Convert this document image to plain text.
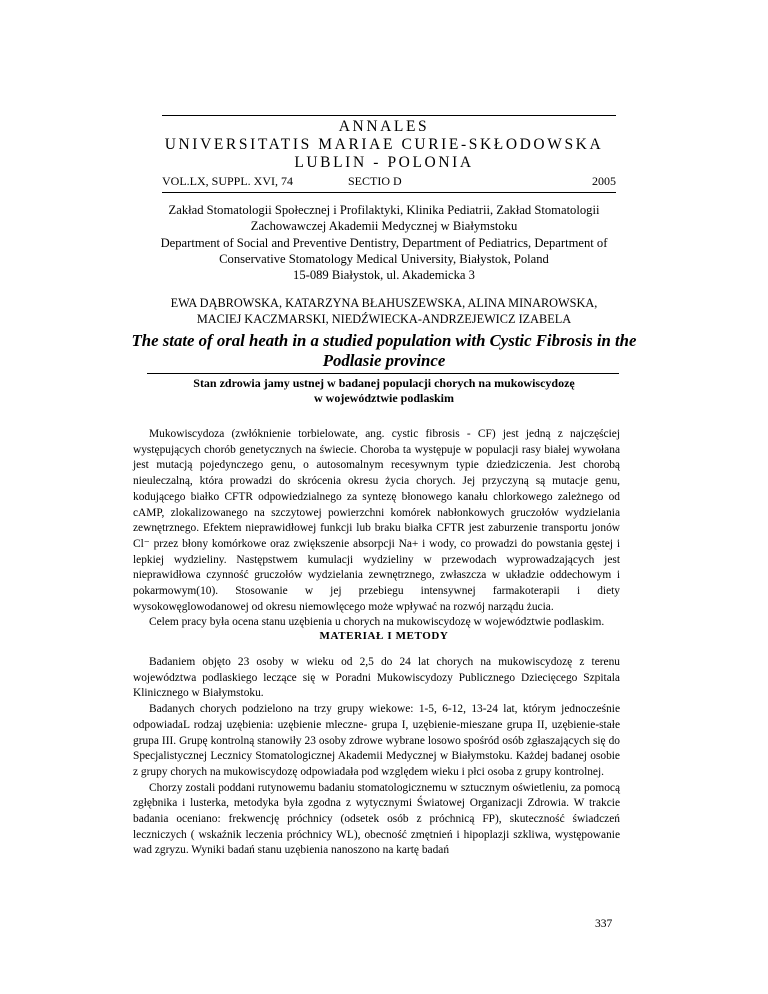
ANNALES
UNIVERSITATIS MARIAE CURIE-SKŁODOWSKA
LUBLIN - POLONIA
VOL.LX, SUPPL. XVI, 74	SECTIO D	2005
Zakład Stomatologii Społecznej i Profilaktyki, Klinika Pediatrii, Zakład Stomatologii
Zachowawczej Akademii Medycznej w Białymstoku
Department of Social and Preventive Dentistry, Department of Pediatrics, Department of
Conservative Stomatology Medical University, Białystok, Poland
15-089 Białystok, ul. Akademicka 3
EWA DĄBROWSKA, KATARZYNA BŁAHUSZEWSKA, ALINA MINAROWSKA,
MACIEJ KACZMARSKI, NIEDŹWIECKA-ANDRZEJEWICZ IZABELA
The state of oral heath in a studied population with Cystic Fibrosis in the
Podlasie province
Stan zdrowia jamy ustnej w badanej populacji chorych na mukowiscydozę
w województwie podlaskim

Mukowiscydoza (zwłóknienie torbielowate, ang. cystic fibrosis - CF) jest jedną z najczęściej występujących chorób genetycznych na świecie. Choroba ta występuje w populacji rasy białej wywołana jest mutacją pojedynczego genu, o autosomalnym recesywnym typie dziedziczenia. Jest chorobą nieuleczalną, która prowadzi do skrócenia okresu życia chorych. Jej przyczyną są mutacje genu, kodującego białko CFTR odpowiedzialnego za syntezę błonowego kanału chlorkowego zależnego od cAMP, zlokalizowanego na szczytowej powierzchni komórek nabłonkowych gruczołów wydzielania zewnętrznego. Efektem nieprawidłowej funkcji lub braku białka CFTR jest zaburzenie transportu jonów Cl⁻ przez błony komórkowe oraz zwiększenie absorpcji Na+ i wody, co prowadzi do powstania gęstej i lepkiej wydzieliny. Następstwem kumulacji wydzieliny w przewodach wyprowadzających jest nieprawidłowa czynność gruczołów wydzielania zewnętrznego, zwłaszcza w układzie oddechowym i pokarmowym(10). Stosowanie w jej przebiegu intensywnej farmakoterapii i diety wysokowęglowodanowej od okresu niemowlęcego może wpływać na rozwój narządu żucia.

Celem pracy była ocena stanu uzębienia u chorych na mukowiscydozę w województwie podlaskim.

MATERIAŁ I METODY

Badaniem objęto 23 osoby w wieku od 2,5 do 24 lat chorych na mukowiscydozę z terenu województwa podlaskiego leczące się w Poradni Mukowiscydozy Publicznego Dziecięcego Szpitala Klinicznego w Białymstoku.

Badanych chorych podzielono na trzy grupy wiekowe: 1-5, 6-12, 13-24 lat, którym jednocześnie odpowiadaL rodzaj uzębienia: uzębienie mleczne- grupa I, uzębienie-mieszane grupa II, uzębienie-stałe grupa III. Grupę kontrolną stanowiły 23 osoby zdrowe wybrane losowo spośród osób zgłaszających się do Specjalistycznej Lecznicy Stomatologicznej Akademii Medycznej w Białymstoku. Każdej badanej osobie z grupy chorych na mukowiscydozę odpowiadała pod względem wieku i płci osoba z grupy kontrolnej.

Chorzy zostali poddani rutynowemu badaniu stomatologicznemu w sztucznym oświetleniu, za pomocą zgłębnika i lusterka, metodyka była zgodna z wytycznymi Światowej Organizacji Zdrowia. W trakcie badania oceniano: frekwencję próchnicy (odsetek osób z próchnicą FP), skuteczność świadczeń leczniczych ( wskaźnik leczenia próchnicy WL), obecność zmętnień i hipoplazji szkliwa, występowanie wad zgryzu. Wyniki badań stanu uzębienia nanoszono na kartę badań

337
